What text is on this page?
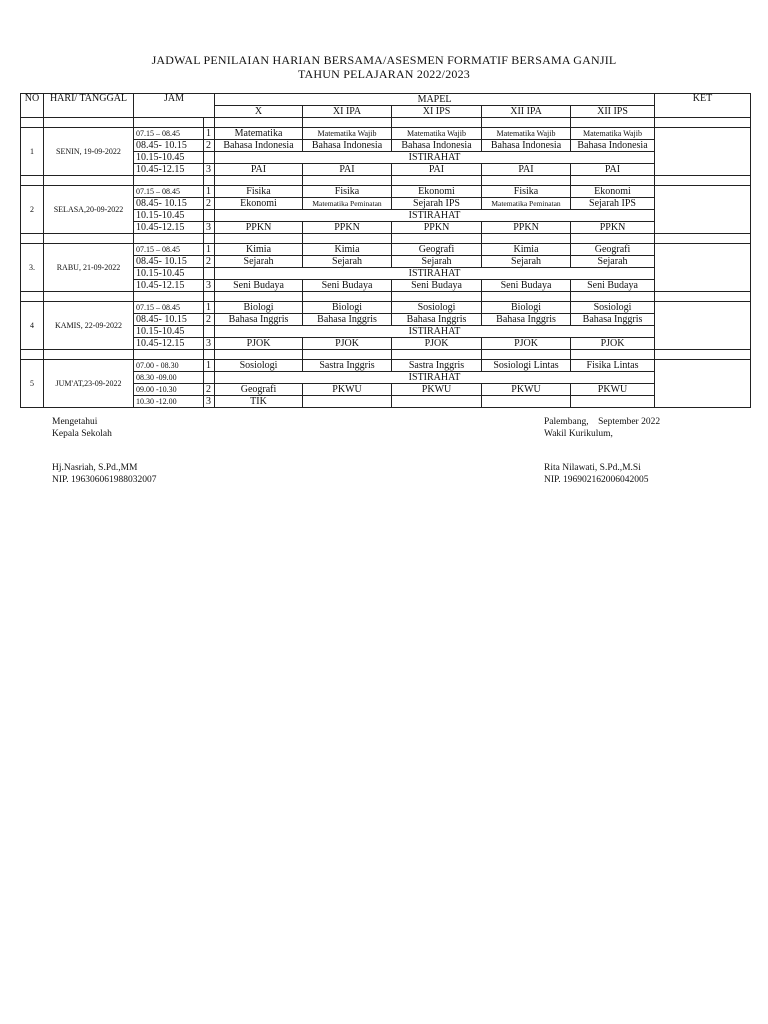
JADWAL PENILAIAN HARIAN BERSAMA/ASESMEN FORMATIF BERSAMA GANJIL
TAHUN PELAJARAN 2022/2023
NO	HARI/ TANGGAL	JAM		MAPEL					KET
				X	XI IPA	XI IPS	XII IPA	XII IPS	

1	SENIN, 19-09-2022	07.15 – 08.45	1	Matematika	Matematika Wajib	Matematika Wajib	Matematika Wajib	Matematika Wajib	
		08.45- 10.15	2	Bahasa Indonesia	Bahasa Indonesia	Bahasa Indonesia	Bahasa Indonesia	Bahasa Indonesia	
		10.15-10.45		ISTIRAHAT					
		10.45-12.15	3	PAI	PAI	PAI	PAI	PAI	

2	SELASA,20-09-2022	07.15 – 08.45	1	Fisika	Fisika	Ekonomi	Fisika	Ekonomi	
		08.45- 10.15	2	Ekonomi	Matematika Peminatan	Sejarah IPS	Matematika Peminatan	Sejarah IPS	
		10.15-10.45		ISTIRAHAT					
		10.45-12.15	3	PPKN	PPKN	PPKN	PPKN	PPKN	

3.	RABU, 21-09-2022	07.15 – 08.45	1	Kimia	Kimia	Geografi	Kimia	Geografi	
		08.45- 10.15	2	Sejarah	Sejarah	Sejarah	Sejarah	Sejarah	
		10.15-10.45		ISTIRAHAT					
		10.45-12.15	3	Seni Budaya	Seni Budaya	Seni Budaya	Seni Budaya	Seni Budaya	

4	KAMIS, 22-09-2022	07.15 – 08.45	1	Biologi	Biologi	Sosiologi	Biologi	Sosiologi	
		08.45- 10.15	2	Bahasa Inggris	Bahasa Inggris	Bahasa Inggris	Bahasa Inggris	Bahasa Inggris	
		10.15-10.45		ISTIRAHAT					
		10.45-12.15	3	PJOK	PJOK	PJOK	PJOK	PJOK	

5	JUM'AT,23-09-2022	07.00 - 08.30	1	Sosiologi	Sastra Inggris	Sastra Inggris	Sosiologi Lintas	Fisika Lintas	
		08.30 -09.00		ISTIRAHAT					
		09.00 -10.30	2	Geografi	PKWU	PKWU	PKWU	PKWU	
		10.30 -12.00	3	TIK					
Mengetahui
Kepala Sekolah
Hj.Nasriah, S.Pd.,MM
NIP. 196306061988032007
Palembang,    September 2022
Wakil Kurikulum,
Rita Nilawati, S.Pd.,M.Si
NIP. 196902162006042005
